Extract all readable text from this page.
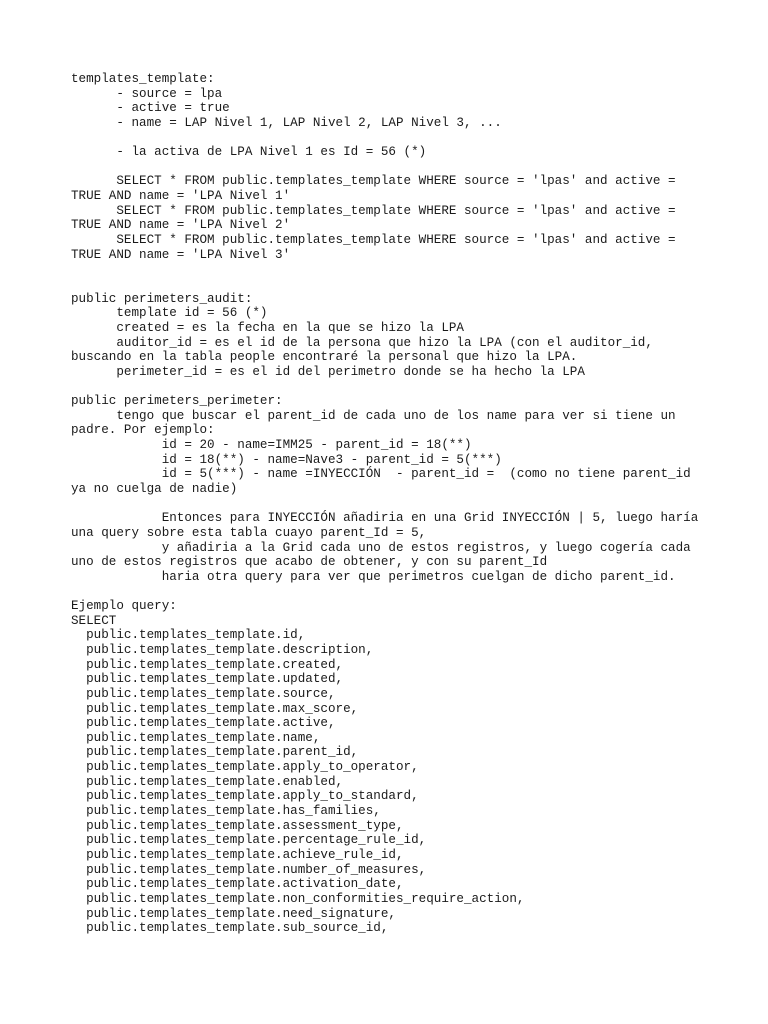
templates_template:
- source = lpa
- active = true
- name = LAP Nivel 1, LAP Nivel 2, LAP Nivel 3, ...
- la activa de LPA Nivel 1 es Id = 56 (*)
SELECT * FROM public.templates_template WHERE source = 'lpas' and active =
TRUE AND name = 'LPA Nivel 1'
SELECT * FROM public.templates_template WHERE source = 'lpas' and active =
TRUE AND name = 'LPA Nivel 2'
SELECT * FROM public.templates_template WHERE source = 'lpas' and active =
TRUE AND name = 'LPA Nivel 3'
public perimeters_audit:
template id = 56 (*)
created = es la fecha en la que se hizo la LPA
auditor_id = es el id de la persona que hizo la LPA (con el auditor_id,
buscando en la tabla people encontraré la personal que hizo la LPA.
perimeter_id = es el id del perimetro donde se ha hecho la LPA
public perimeters_perimeter:
tengo que buscar el parent_id de cada uno de los name para ver si tiene un
padre. Por ejemplo:
id = 20 - name=IMM25 - parent_id = 18(**)
id = 18(**) - name=Nave3 - parent_id = 5(***)
id = 5(***) - name =INYECCIÓN  - parent_id =  (como no tiene parent_id
ya no cuelga de nadie)
Entonces para INYECCIÓN añadiria en una Grid INYECCIÓN | 5, luego haría
una query sobre esta tabla cuayo parent_Id = 5,
y añadiria a la Grid cada uno de estos registros, y luego cogería cada
uno de estos registros que acabo de obtener, y con su parent_Id
haria otra query para ver que perimetros cuelgan de dicho parent_id.
Ejemplo query:
SELECT
public.templates_template.id,
public.templates_template.description,
public.templates_template.created,
public.templates_template.updated,
public.templates_template.source,
public.templates_template.max_score,
public.templates_template.active,
public.templates_template.name,
public.templates_template.parent_id,
public.templates_template.apply_to_operator,
public.templates_template.enabled,
public.templates_template.apply_to_standard,
public.templates_template.has_families,
public.templates_template.assessment_type,
public.templates_template.percentage_rule_id,
public.templates_template.achieve_rule_id,
public.templates_template.number_of_measures,
public.templates_template.activation_date,
public.templates_template.non_conformities_require_action,
public.templates_template.need_signature,
public.templates_template.sub_source_id,
